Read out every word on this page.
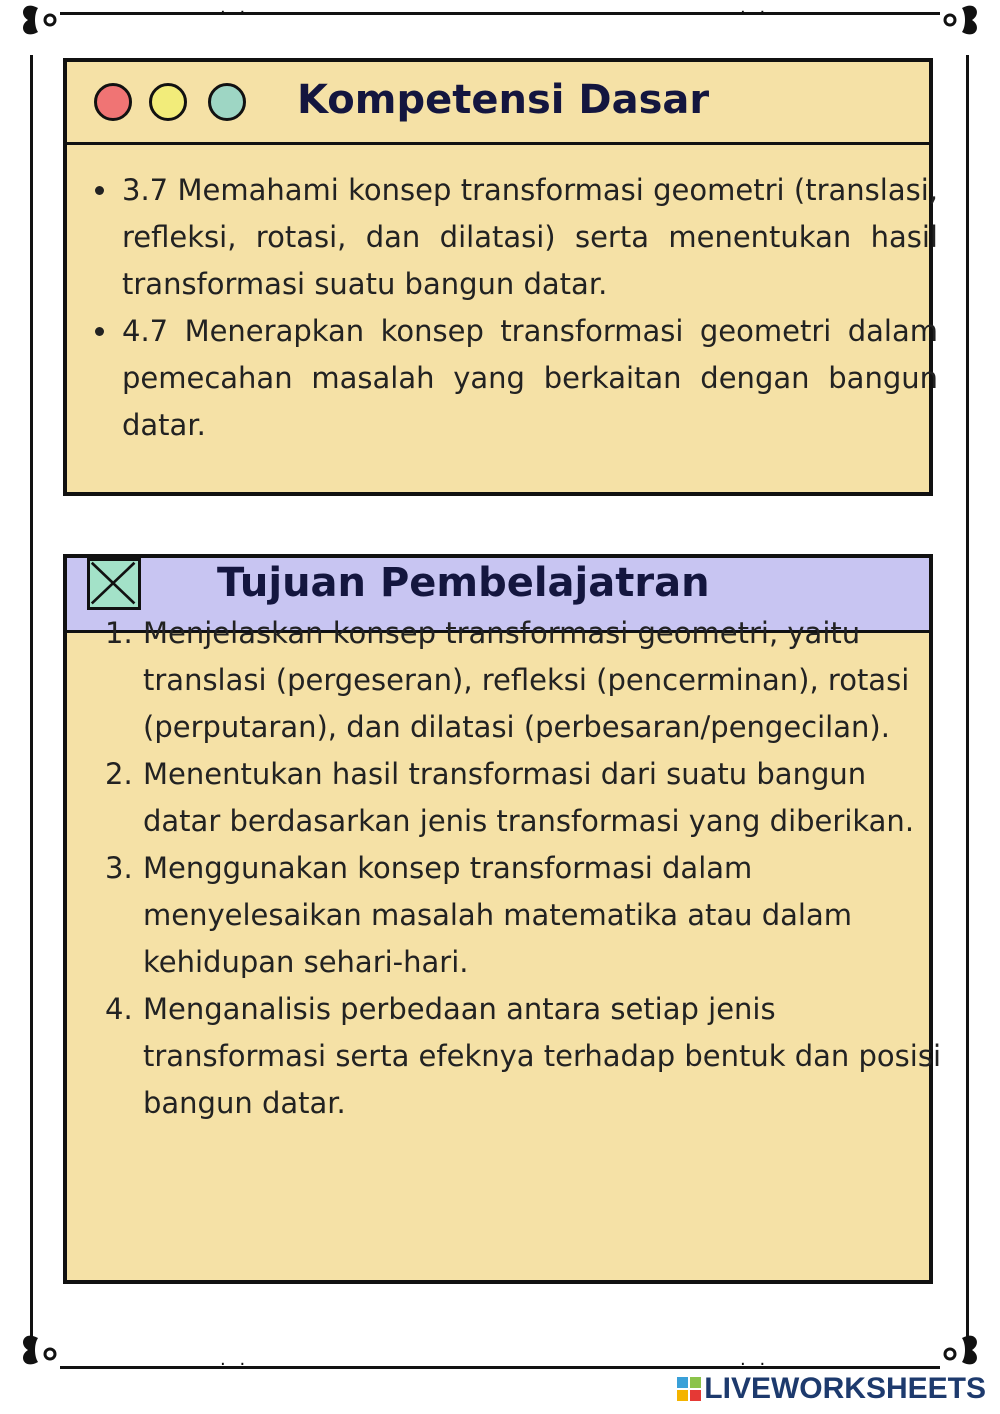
· ·	· ·
· ·	· ·
Kompetensi Dasar
• 3.7 Memahami konsep transformasi geometri (translasi, refleksi, rotasi, dan dilatasi) serta menentukan hasil transformasi suatu bangun datar.
• 4.7 Menerapkan konsep transformasi geometri dalam pemecahan masalah yang berkaitan dengan bangun datar.
Tujuan Pembelajatran
1. Menjelaskan konsep transformasi geometri, yaitu translasi (pergeseran), refleksi (pencerminan), rotasi (perputaran), dan dilatasi (perbesaran/pengecilan).
2. Menentukan hasil transformasi dari suatu bangun datar berdasarkan jenis transformasi yang diberikan.
3. Menggunakan konsep transformasi dalam menyelesaikan masalah matematika atau dalam kehidupan sehari-hari.
4. Menganalisis perbedaan antara setiap jenis transformasi serta efeknya terhadap bentuk dan posisi bangun datar.
LIVEWORKSHEETS
